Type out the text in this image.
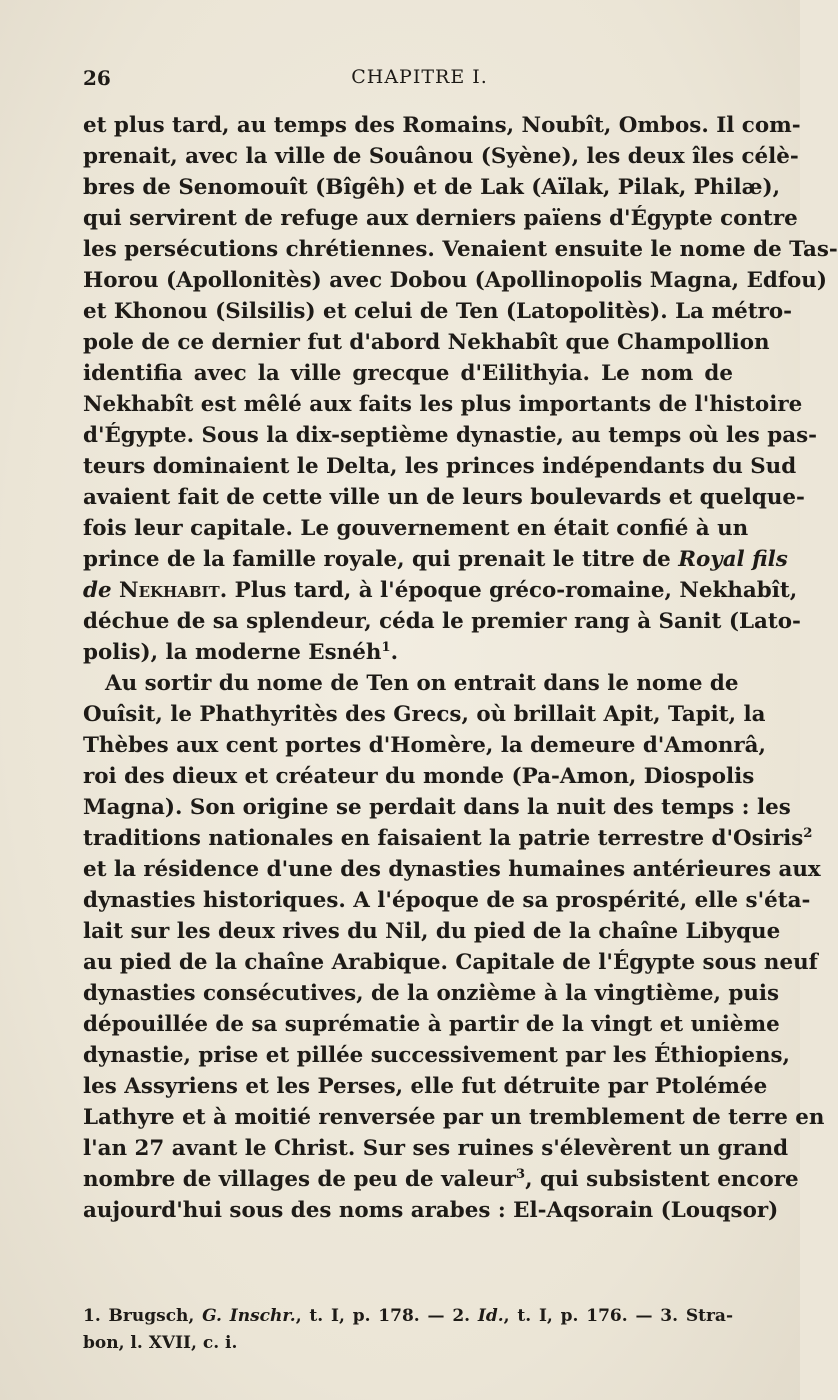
26	CHAPITRE I.
et plus tard, au temps des Romains, Noubît, Ombos. Il com-
prenait, avec la ville de Souânou (Syène), les deux îles célè-
bres de Senomouît (Bîgêh) et de Lak (Aïlak, Pilak, Philæ),
qui servirent de refuge aux derniers païens d'Égypte contre
les persécutions chrétiennes. Venaient ensuite le nome de Tas-
Horou (Apollonitès) avec Dobou (Apollinopolis Magna, Edfou)
et Khonou (Silsilis) et celui de Ten (Latopolitès). La métro-
pole de ce dernier fut d'abord Nekhabît que Champollion
identifia avec la ville grecque d'Eilithyia. Le nom de
Nekhabît est mêlé aux faits les plus importants de l'histoire
d'Égypte. Sous la dix-septième dynastie, au temps où les pas-
teurs dominaient le Delta, les princes indépendants du Sud
avaient fait de cette ville un de leurs boulevards et quelque-
fois leur capitale. Le gouvernement en était confié à un
prince de la famille royale, qui prenait le titre de Royal fils
de Nekhabit. Plus tard, à l'époque gréco-romaine, Nekhabît,
déchue de sa splendeur, céda le premier rang à Sanit (Lato-
polis), la moderne Esnéh$^1$.
Au sortir du nome de Ten on entrait dans le nome de
Ouîsit, le Phathyritès des Grecs, où brillait Apit, Tapit, la
Thèbes aux cent portes d'Homère, la demeure d'Amonrâ,
roi des dieux et créateur du monde (Pa-Amon, Diospolis
Magna). Son origine se perdait dans la nuit des temps : les
traditions nationales en faisaient la patrie terrestre d'Osiris$^2$
et la résidence d'une des dynasties humaines antérieures aux
dynasties historiques. A l'époque de sa prospérité, elle s'éta-
lait sur les deux rives du Nil, du pied de la chaîne Libyque
au pied de la chaîne Arabique. Capitale de l'Égypte sous neuf
dynasties consécutives, de la onzième à la vingtième, puis
dépouillée de sa suprématie à partir de la vingt et unième
dynastie, prise et pillée successivement par les Éthiopiens,
les Assyriens et les Perses, elle fut détruite par Ptolémée
Lathyre et à moitié renversée par un tremblement de terre en
l'an 27 avant le Christ. Sur ses ruines s'élevèrent un grand
nombre de villages de peu de valeur$^3$, qui subsistent encore
aujourd'hui sous des noms arabes : El-Aqsorain (Louqsor)
1. Brugsch, G. Inschr., t. I, p. 178. — 2. Id., t. I, p. 176. — 3. Stra-
bon, l. XVII, c. i.
